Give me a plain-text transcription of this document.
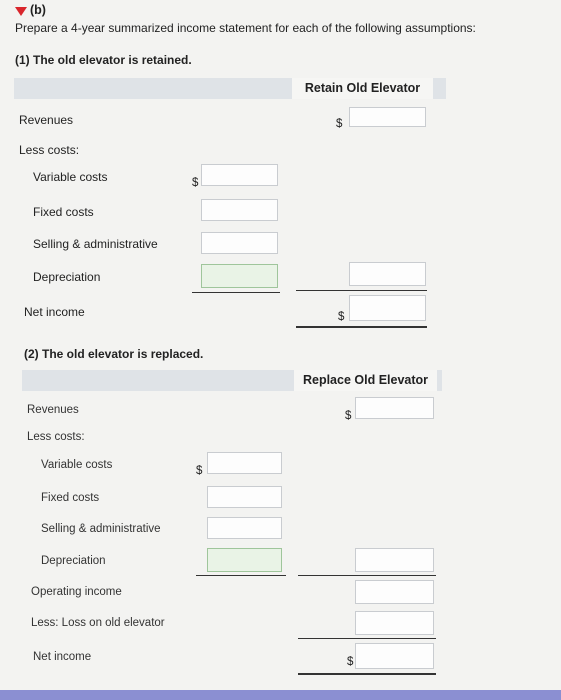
(b)
Prepare a 4-year summarized income statement for each of the following assumptions:
(1) The old elevator is retained.
Retain Old Elevator
Revenues	$
Less costs:
Variable costs	$
Fixed costs
Selling & administrative
Depreciation
Net income	$
(2) The old elevator is replaced.
Replace Old Elevator
Revenues	$
Less costs:
Variable costs	$
Fixed costs
Selling & administrative
Depreciation
Operating income
Less: Loss on old elevator
Net income	$
